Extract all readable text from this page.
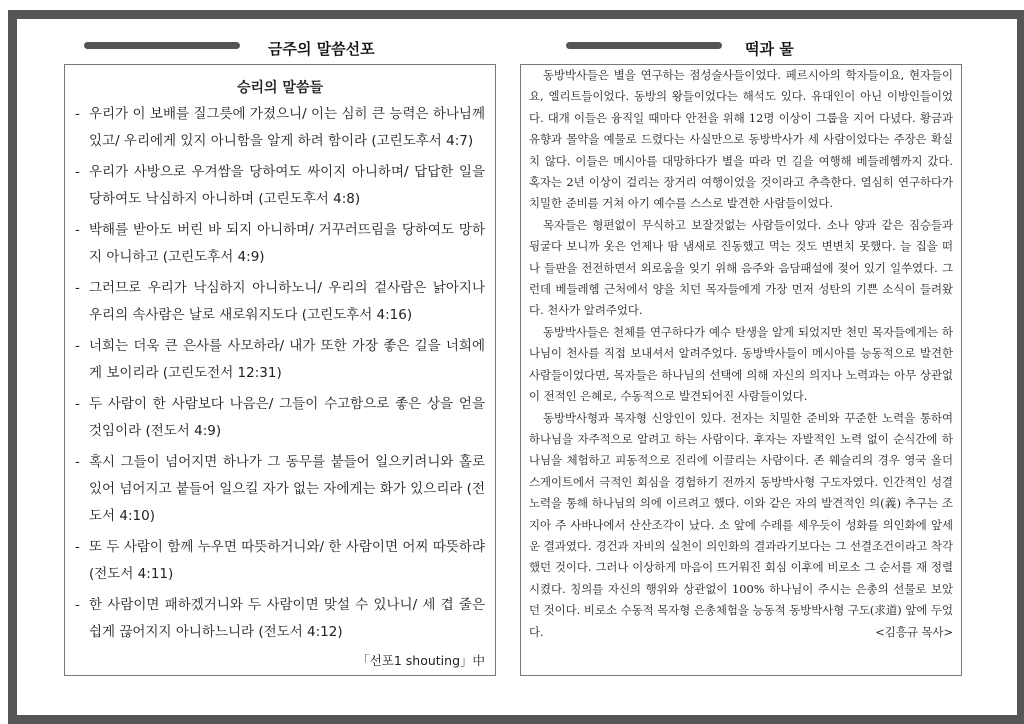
금주의 말씀선포	떡과 물
승리의 말씀들
- 우리가 이 보배를 질그릇에 가졌으니/ 이는 심히 큰 능력은 하나님께 있고/ 우리에게 있지 아니함을 알게 하려 함이라 (고린도후서 4:7)
- 우리가 사방으로 우겨쌈을 당하여도 싸이지 아니하며/ 답답한 일을 당하여도 낙심하지 아니하며 (고린도후서 4:8)
- 박해를 받아도 버린 바 되지 아니하며/ 거꾸러뜨림을 당하여도 망하지 아니하고 (고린도후서 4:9)
- 그러므로 우리가 낙심하지 아니하노니/ 우리의 겉사람은 낡아지나 우리의 속사람은 날로 새로워지도다 (고린도후서 4:16)
- 너희는 더욱 큰 은사를 사모하라/ 내가 또한 가장 좋은 길을 너희에게 보이리라 (고린도전서 12:31)
- 두 사람이 한 사람보다 나음은/ 그들이 수고함으로 좋은 상을 얻을 것임이라 (전도서 4:9)
- 혹시 그들이 넘어지면 하나가 그 동무를 붙들어 일으키려니와 홀로 있어 넘어지고 붙들어 일으킬 자가 없는 자에게는 화가 있으리라 (전도서 4:10)
- 또 두 사람이 함께 누우면 따뜻하거니와/ 한 사람이면 어찌 따뜻하랴 (전도서 4:11)
- 한 사람이면 패하겠거니와 두 사람이면 맞설 수 있나니/ 세 겹 줄은 쉽게 끊어지지 아니하느니라 (전도서 4:12)
「선포1 shouting」中

동방박사들은 별을 연구하는 점성술사들이었다. 페르시아의 학자들이요, 현자들이요, 엘리트들이었다. 동방의 왕들이었다는 해석도 있다. 유대인이 아닌 이방인들이었다. 대개 이들은 융직일 때마다 안전을 위해 12명 이상이 그룹을 지어 다녔다. 황금과 유향과 몰약을 예물로 드렸다는 사실만으로 동방박사가 세 사람이었다는 주장은 확실치 않다. 이들은 메시아를 대망하다가 별을 따라 먼 길을 여행해 베들레헴까지 갔다. 혹자는 2년 이상이 걸리는 장거리 여행이었을 것이라고 추측한다. 열심히 연구하다가 치밀한 준비를 거쳐 아기 예수를 스스로 발견한 사람들이었다.

목자들은 형편없이 무식하고 보잘것없는 사람들이었다. 소나 양과 같은 짐승들과 뒹굴다 보니까 옷은 언제나 땀 냄새로 진동했고 먹는 것도 변변치 못했다. 늘 집을 떠나 들판을 전전하면서 외로움을 잊기 위해 음주와 음담패설에 젖어 있기 일쑤였다. 그런데 베들레헴 근처에서 양을 치던 목자들에게 가장 먼저 성탄의 기쁜 소식이 들려왔다. 천사가 알려주었다.

동방박사들은 천체를 연구하다가 예수 탄생을 알게 되었지만 천민 목자들에게는 하나님이 천사를 직접 보내셔서 알려주었다. 동방박사들이 메시아를 능동적으로 발견한 사람들이었다면, 목자들은 하나님의 선택에 의해 자신의 의지나 노력과는 아무 상관없이 전적인 은혜로, 수동적으로 발견되어진 사람들이었다.

동방박사형과 목자형 신앙인이 있다. 전자는 치밀한 준비와 꾸준한 노력을 통하여 하나님을 자주적으로 알려고 하는 사람이다. 후자는 자발적인 노력 없이 순식간에 하나님을 체험하고 피동적으로 진리에 이끌리는 사람이다. 존 웨슬리의 경우 영국 올더스게이트에서 극적인 회심을 경험하기 전까지 동방박사형 구도자였다. 인간적인 성결 노력을 통해 하나님의 의에 이르려고 했다. 이와 같은 자의 발견적인 의(義) 추구는 조지아 주 사바나에서 산산조각이 났다. 소 앞에 수레를 세우듯이 성화를 의인화에 앞세운 결과였다. 경건과 자비의 실천이 의인화의 결과라기보다는 그 선결조건이라고 착각했던 것이다. 그러나 이상하게 마음이 뜨거워진 회심 이후에 비로소 그 순서를 재 정렬시켰다. 칭의를 자신의 행위와 상관없이 100% 하나님이 주시는 은총의 선물로 보았던 것이다. 비로소 수동적 목자형 은총체험을 능동적 동방박사형 구도(求道) 앞에 두었다.	<김흥규 목사>
